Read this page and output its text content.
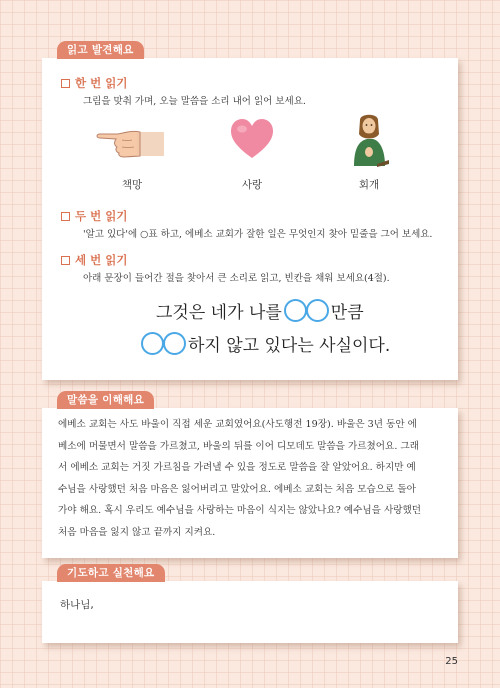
읽고 발견해요
한 번 읽기
그림을 맞춰 가며, 오늘 말씀을 소리 내어 읽어 보세요.
책망	사랑	회개
두 번 읽기
'알고 있다'에 ○표 하고, 에베소 교회가 잘한 일은 무엇인지 찾아 밑줄을 그어 보세요.
세 번 읽기
아래 문장이 들어간 절을 찾아서 큰 소리로 읽고, 빈칸을 채워 보세요(4절).
그것은 네가 나를	만큼
하지 않고 있다는 사실이다.
말씀을 이해해요
에베소 교회는 사도 바울이 직접 세운 교회였어요(사도행전 19장). 바울은 3년 동안 에
베소에 머물면서 말씀을 가르쳤고, 바울의 뒤를 이어 디모데도 말씀을 가르쳤어요. 그래
서 에베소 교회는 거짓 가르침을 가려낼 수 있을 정도로 말씀을 잘 알았어요. 하지만 예
수님을 사랑했던 처음 마음은 잃어버리고 말았어요. 에베소 교회는 처음 모습으로 돌아
가야 해요. 혹시 우리도 예수님을 사랑하는 마음이 식지는 않았나요? 예수님을 사랑했던
처음 마음을 잃지 않고 끝까지 지켜요.
기도하고 실천해요
하나님,
25
